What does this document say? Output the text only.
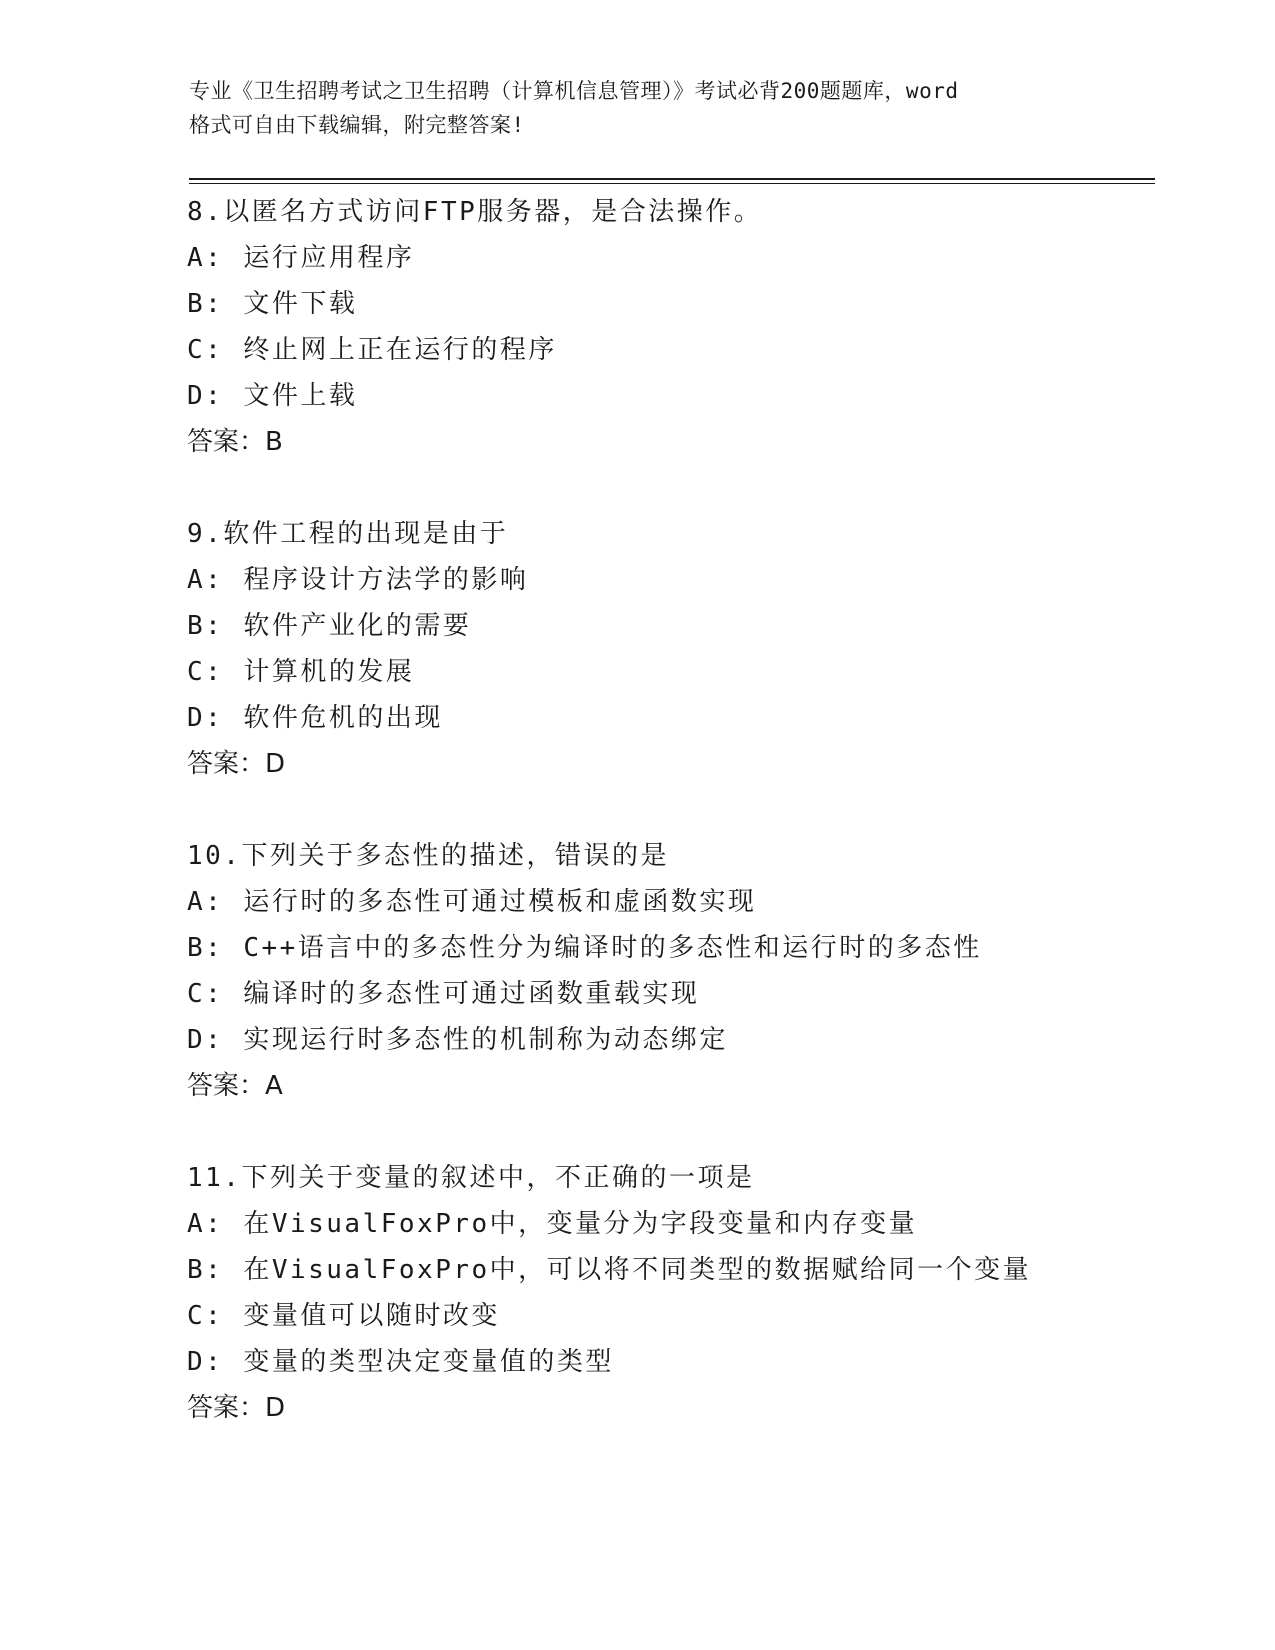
专业《卫生招聘考试之卫生招聘（计算机信息管理）》考试必背200题题库，word
格式可自由下载编辑，附完整答案!
8.以匿名方式访问FTP服务器，是合法操作。
A: 运行应用程序
B: 文件下载
C: 终止网上正在运行的程序
D: 文件上载
答案：B
9.软件工程的出现是由于
A: 程序设计方法学的影响
B: 软件产业化的需要
C: 计算机的发展
D: 软件危机的出现
答案：D
10.下列关于多态性的描述，错误的是
A: 运行时的多态性可通过模板和虚函数实现
B: C++语言中的多态性分为编译时的多态性和运行时的多态性
C: 编译时的多态性可通过函数重载实现
D: 实现运行时多态性的机制称为动态绑定
答案：A
11.下列关于变量的叙述中，不正确的一项是
A: 在VisualFoxPro中，变量分为字段变量和内存变量
B: 在VisualFoxPro中，可以将不同类型的数据赋给同一个变量
C: 变量值可以随时改变
D: 变量的类型决定变量值的类型
答案：D
